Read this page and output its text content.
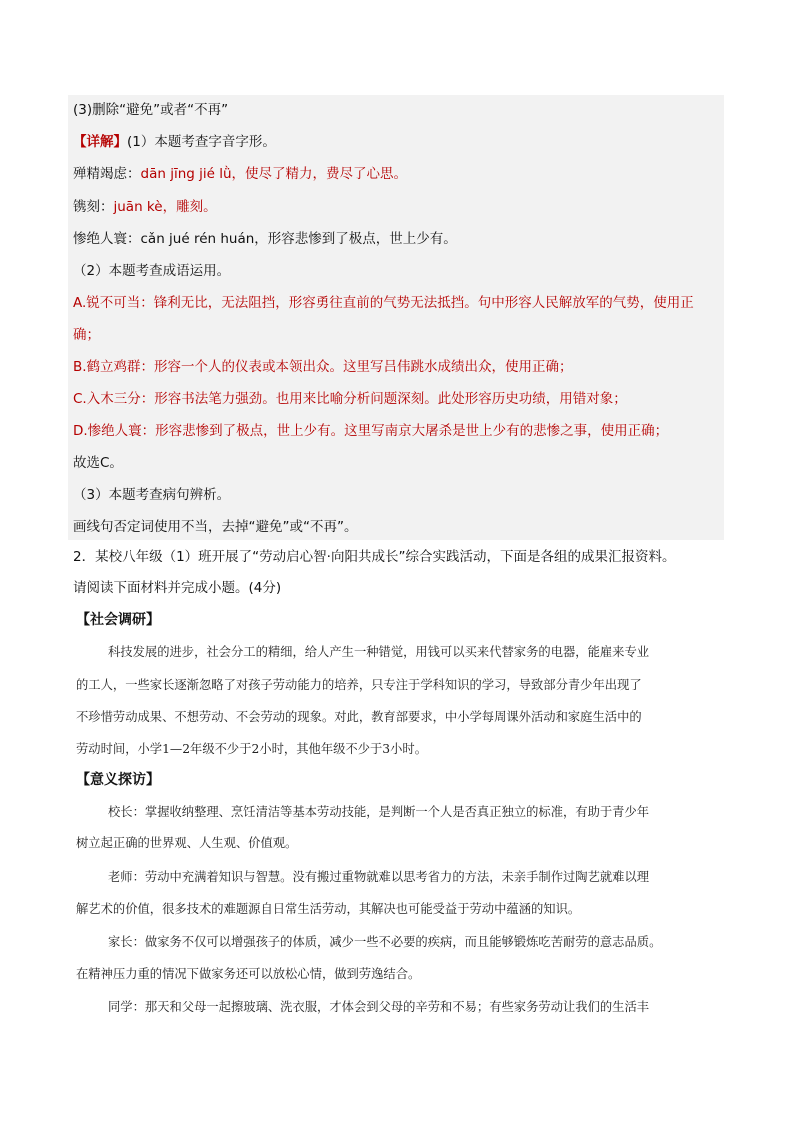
(3)删除“避免”或者“不再”
【详解】(1）本题考查字音字形。
殚精竭虑：dān jīng jié lǜ，使尽了精力，费尽了心思。
镌刻：juān kè，雕刻。
惨绝人寰：cǎn jué rén huán，形容悲惨到了极点，世上少有。
（2）本题考查成语运用。
A.锐不可当：锋利无比，无法阻挡，形容勇往直前的气势无法抵挡。句中形容人民解放军的气势，使用正
确；
B.鹤立鸡群：形容一个人的仪表或本领出众。这里写吕伟跳水成绩出众，使用正确；
C.入木三分：形容书法笔力强劲。也用来比喻分析问题深刻。此处形容历史功绩，用错对象；
D.惨绝人寰：形容悲惨到了极点，世上少有。这里写南京大屠杀是世上少有的悲惨之事，使用正确；
故选C。
（3）本题考查病句辨析。
画线句否定词使用不当，去掉“避免”或“不再”。
2．某校八年级（1）班开展了“劳动启心智·向阳共成长”综合实践活动，下面是各组的成果汇报资料。
请阅读下面材料并完成小题。(4分)
【社会调研】
科技发展的进步，社会分工的精细，给人产生一种错觉，用钱可以买来代替家务的电器，能雇来专业
的工人，一些家长逐渐忽略了对孩子劳动能力的培养，只专注于学科知识的学习，导致部分青少年出现了
不珍惜劳动成果、不想劳动、不会劳动的现象。对此，教育部要求，中小学每周课外活动和家庭生活中的
劳动时间，小学1—2年级不少于2小时，其他年级不少于3小时。
【意义探访】
校长：掌握收纳整理、烹饪清洁等基本劳动技能，是判断一个人是否真正独立的标准，有助于青少年
树立起正确的世界观、人生观、价值观。
老师：劳动中充满着知识与智慧。没有搬过重物就难以思考省力的方法，未亲手制作过陶艺就难以理
解艺术的价值，很多技术的难题源自日常生活劳动，其解决也可能受益于劳动中蕴涵的知识。
家长：做家务不仅可以增强孩子的体质，减少一些不必要的疾病，而且能够锻炼吃苦耐劳的意志品质。
在精神压力重的情况下做家务还可以放松心情，做到劳逸结合。
同学：那天和父母一起擦玻璃、洗衣服，才体会到父母的辛劳和不易；有些家务劳动让我们的生活丰
